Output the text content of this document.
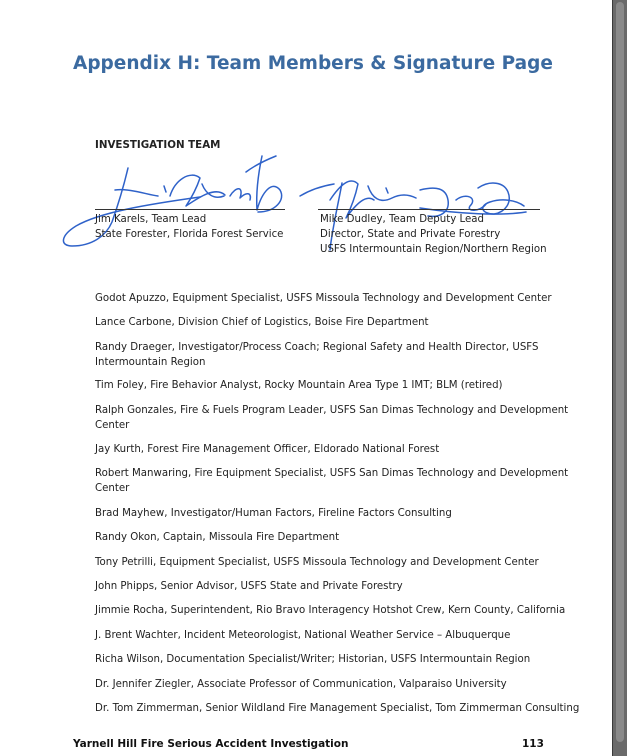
Appendix H: Team Members & Signature Page
INVESTIGATION TEAM
Jim Karels, Team Lead
State Forester, Florida Forest Service
Mike Dudley, Team Deputy Lead
Director, State and Private Forestry
USFS Intermountain Region/Northern Region
Godot Apuzzo, Equipment Specialist, USFS Missoula Technology and Development Center
Lance Carbone, Division Chief of Logistics, Boise Fire Department
Randy Draeger, Investigator/Process Coach; Regional Safety and Health Director, USFS
Intermountain Region
Tim Foley, Fire Behavior Analyst, Rocky Mountain Area Type 1 IMT; BLM (retired)
Ralph Gonzales, Fire & Fuels Program Leader, USFS San Dimas Technology and Development
Center
Jay Kurth, Forest Fire Management Officer, Eldorado National Forest
Robert Manwaring, Fire Equipment Specialist, USFS San Dimas Technology and Development
Center
Brad Mayhew, Investigator/Human Factors, Fireline Factors Consulting
Randy Okon, Captain, Missoula Fire Department
Tony Petrilli, Equipment Specialist, USFS Missoula Technology and Development Center
John Phipps, Senior Advisor, USFS State and Private Forestry
Jimmie Rocha, Superintendent, Rio Bravo Interagency Hotshot Crew, Kern County, California
J. Brent Wachter, Incident Meteorologist, National Weather Service – Albuquerque
Richa Wilson, Documentation Specialist/Writer; Historian, USFS Intermountain Region
Dr. Jennifer Ziegler, Associate Professor of Communication, Valparaiso University
Dr. Tom Zimmerman, Senior Wildland Fire Management Specialist, Tom Zimmerman Consulting
Yarnell Hill Fire Serious Accident Investigation	113
